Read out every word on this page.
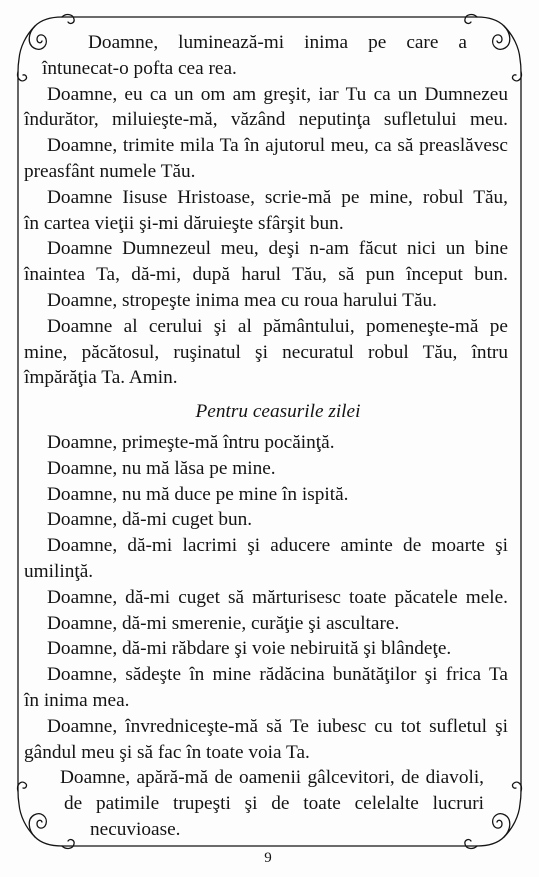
Doamne, luminează-mi inima pe care a
întunecat-o pofta cea rea.
Doamne, eu ca un om am greşit, iar Tu ca un Dumnezeu
îndurător, miluieşte-mă, văzând neputinţa sufletului meu.
Doamne, trimite mila Ta în ajutorul meu, ca să preaslăvesc
preasfânt numele Tău.
Doamne Iisuse Hristoase, scrie-mă pe mine, robul Tău,
în cartea vieţii şi-mi dăruieşte sfârşit bun.
Doamne Dumnezeul meu, deşi n-am făcut nici un bine
înaintea Ta, dă-mi, după harul Tău, să pun început bun.
Doamne, stropeşte inima mea cu roua harului Tău.
Doamne al cerului şi al pământului, pomeneşte-mă pe
mine, păcătosul, ruşinatul şi necuratul robul Tău, întru
împărăţia Ta. Amin.
Pentru ceasurile zilei
Doamne, primeşte-mă întru pocăinţă.
Doamne, nu mă lăsa pe mine.
Doamne, nu mă duce pe mine în ispită.
Doamne, dă-mi cuget bun.
Doamne, dă-mi lacrimi şi aducere aminte de moarte şi
umilinţă.
Doamne, dă-mi cuget să mărturisesc toate păcatele mele.
Doamne, dă-mi smerenie, curăţie şi ascultare.
Doamne, dă-mi răbdare şi voie nebiruită şi blândeţe.
Doamne, sădeşte în mine rădăcina bunătăţilor şi frica Ta
în inima mea.
Doamne, învredniceşte-mă să Te iubesc cu tot sufletul şi
gândul meu şi să fac în toate voia Ta.
Doamne, apără-mă de oamenii gâlcevitori, de diavoli,
de patimile trupeşti şi de toate celelalte lucruri
necuvioase.
9
